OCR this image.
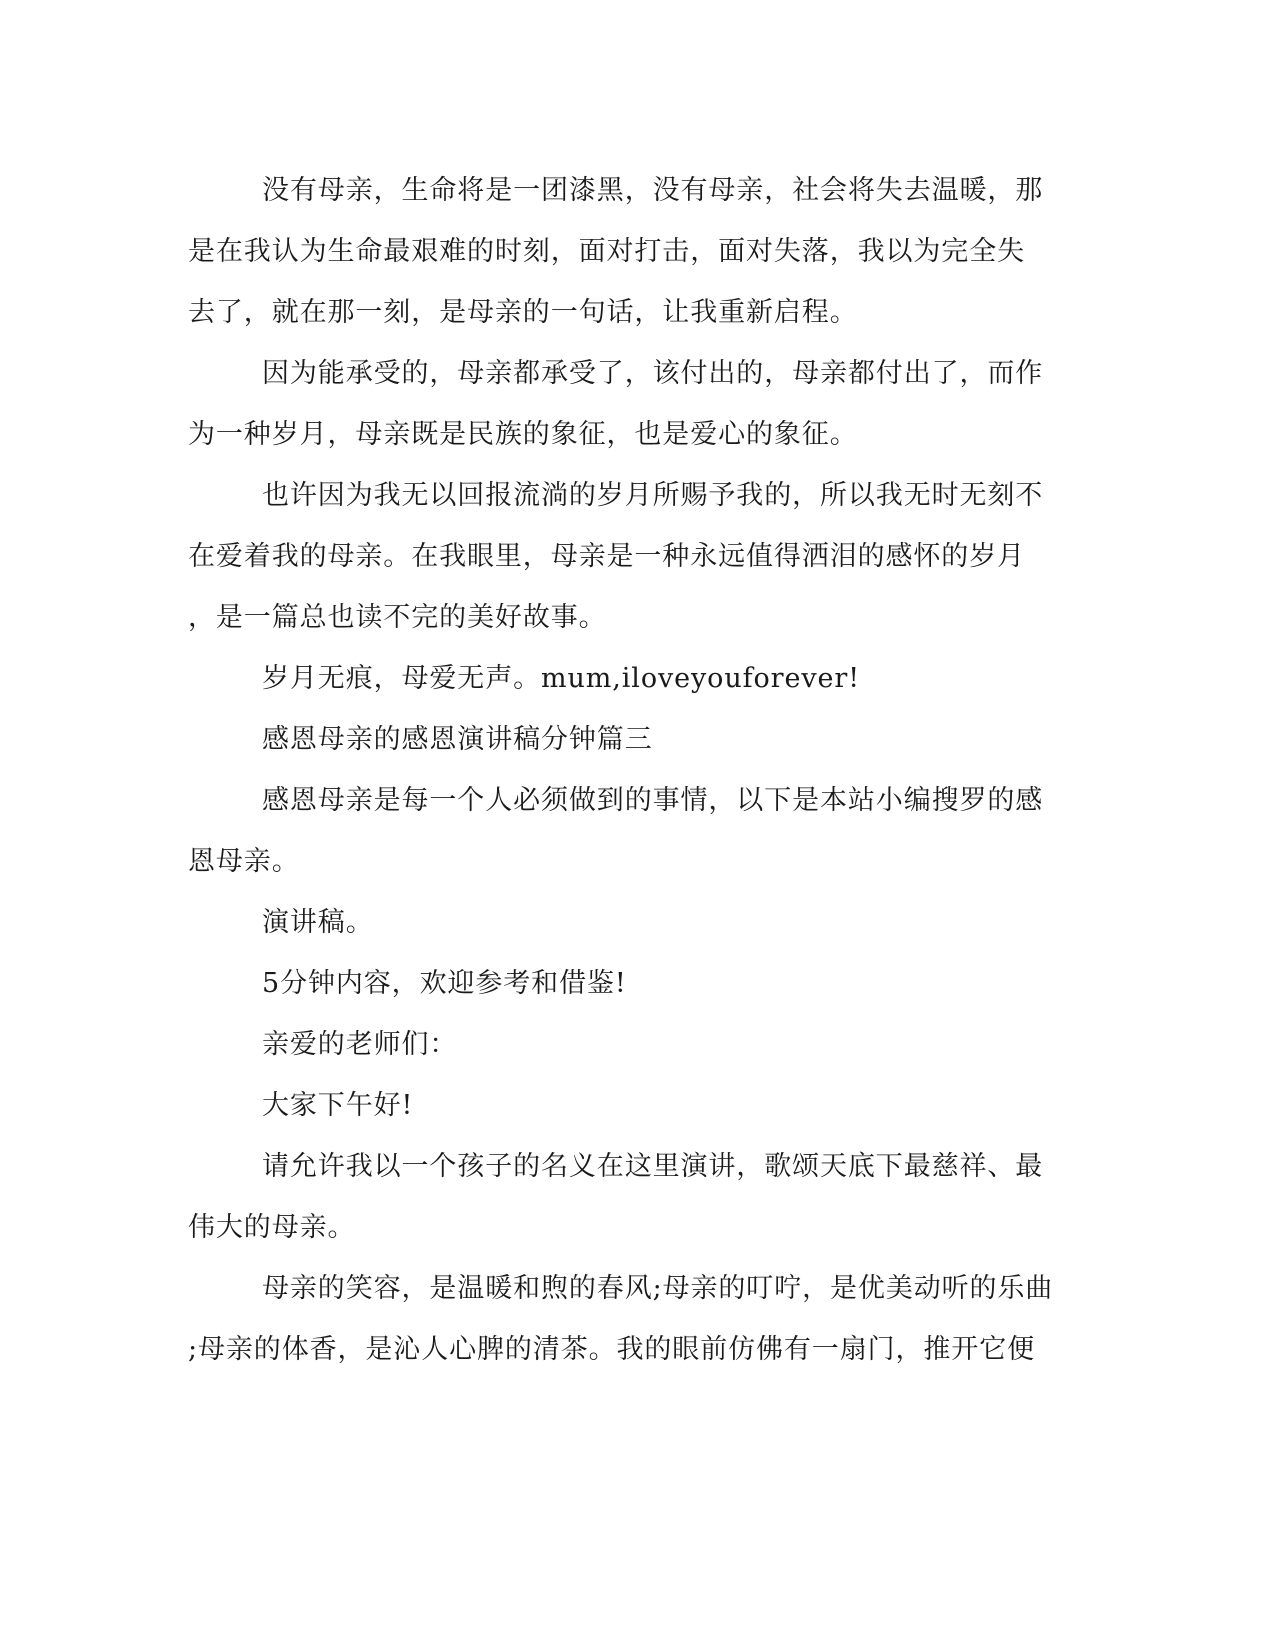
没有母亲，生命将是一团漆黑，没有母亲，社会将失去温暖，那
是在我认为生命最艰难的时刻，面对打击，面对失落，我以为完全失
去了，就在那一刻，是母亲的一句话，让我重新启程。
因为能承受的，母亲都承受了，该付出的，母亲都付出了，而作
为一种岁月，母亲既是民族的象征，也是爱心的象征。
也许因为我无以回报流淌的岁月所赐予我的，所以我无时无刻不
在爱着我的母亲。在我眼里，母亲是一种永远值得洒泪的感怀的岁月
，是一篇总也读不完的美好故事。
岁月无痕，母爱无声。mum,iloveyouforever!
感恩母亲的感恩演讲稿分钟篇三
感恩母亲是每一个人必须做到的事情，以下是本站小编搜罗的感
恩母亲。
演讲稿。
5分钟内容，欢迎参考和借鉴!
亲爱的老师们：
大家下午好!
请允许我以一个孩子的名义在这里演讲，歌颂天底下最慈祥、最
伟大的母亲。
母亲的笑容，是温暖和煦的春风;母亲的叮咛，是优美动听的乐曲
;母亲的体香，是沁人心脾的清茶。我的眼前仿佛有一扇门，推开它便
